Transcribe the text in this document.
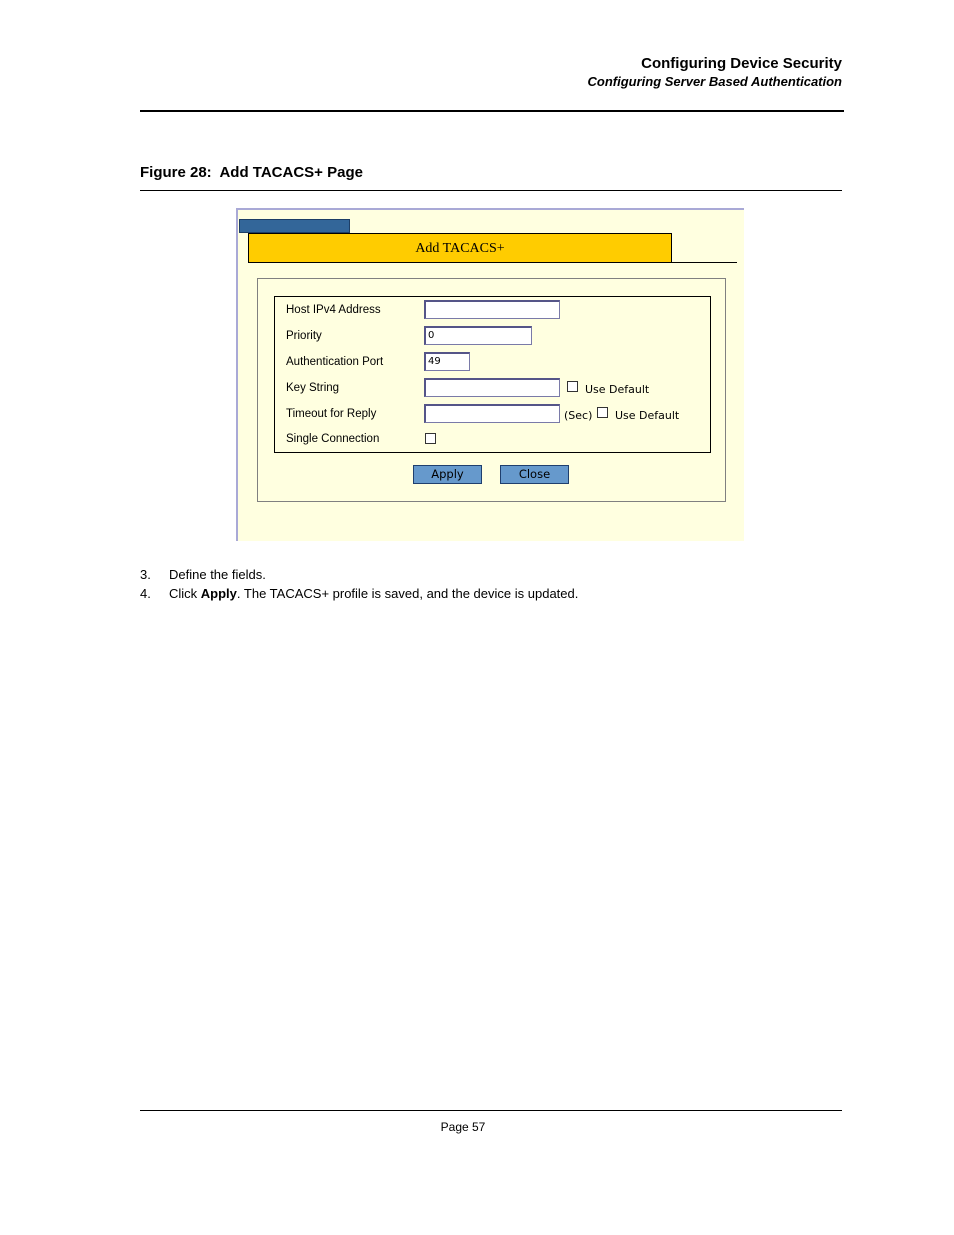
Configuring Device Security
Configuring Server Based Authentication
Figure 28:  Add TACACS+ Page
Add TACACS+
Host IPv4 Address
Priority	0
Authentication Port	49
Key String	Use Default
Timeout for Reply	(Sec) Use Default
Single Connection
Apply	Close
3. Define the fields.
4. Click Apply. The TACACS+ profile is saved, and the device is updated.
Page 57
